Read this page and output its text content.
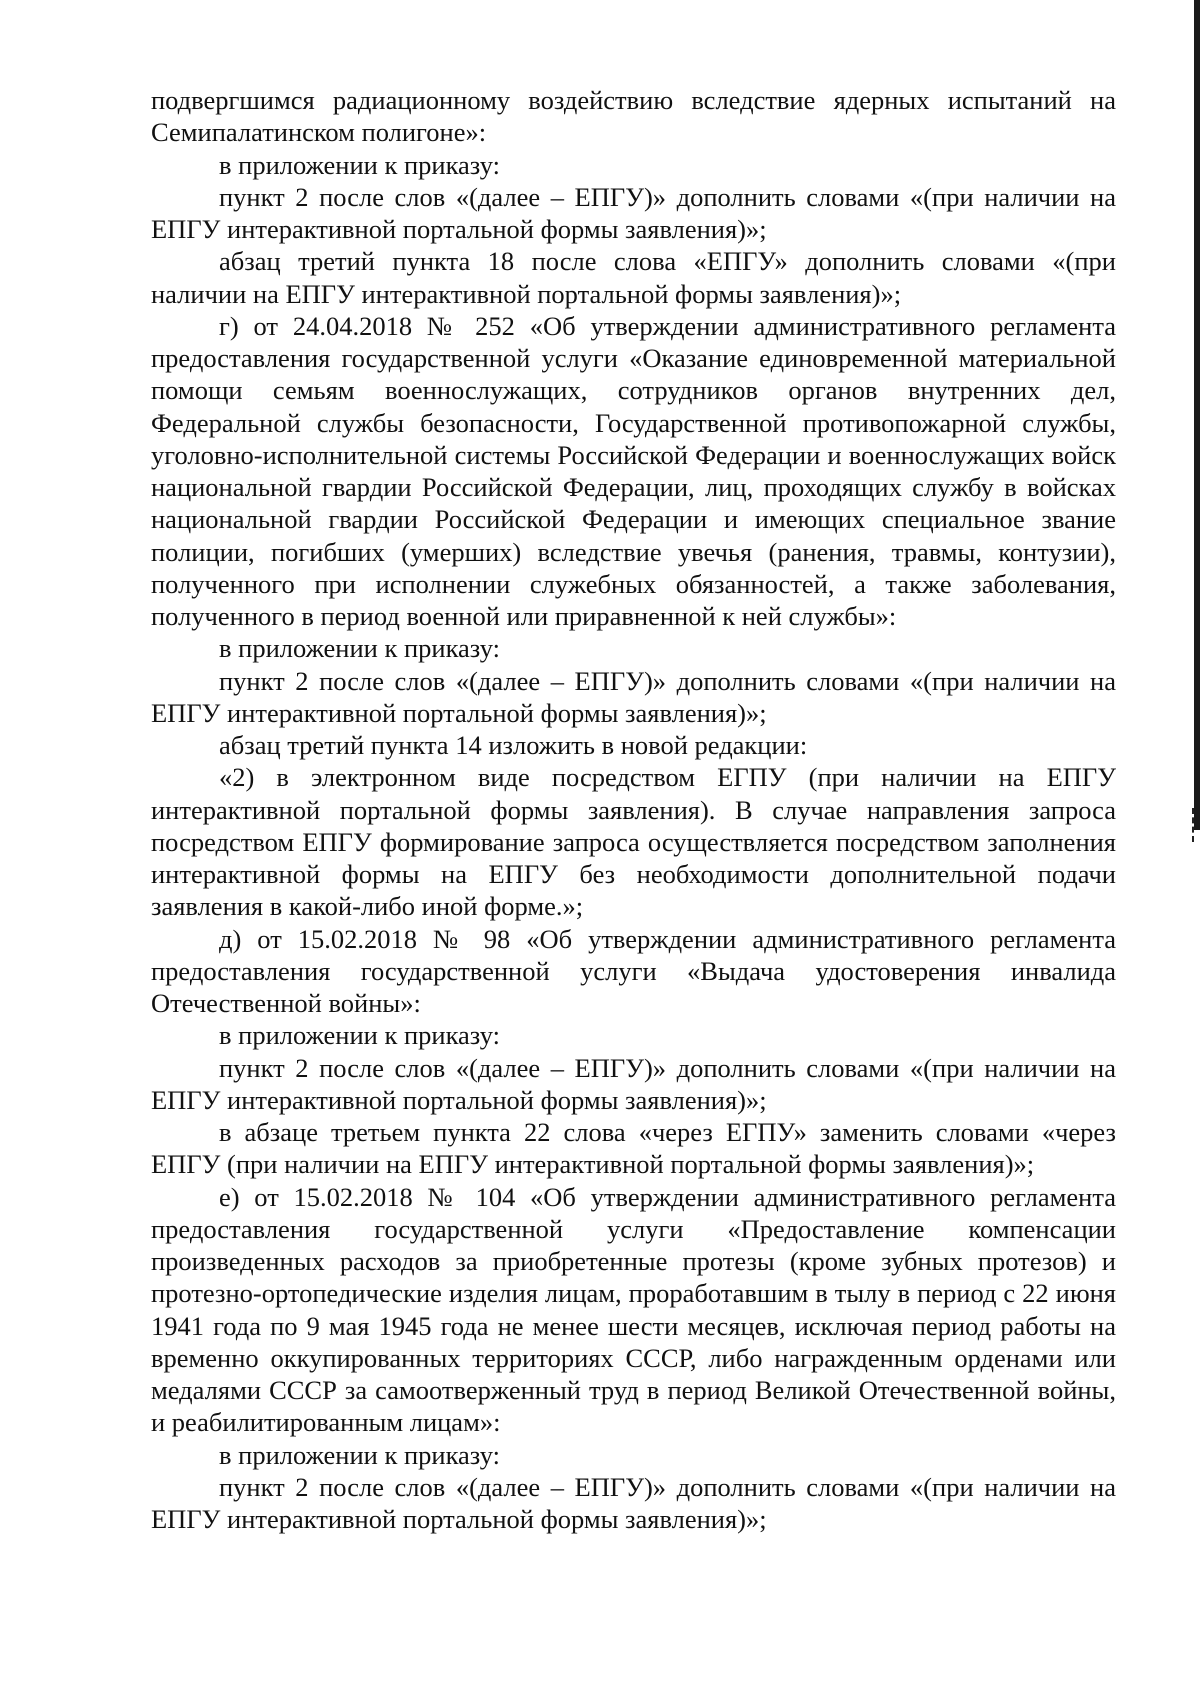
подвергшимся радиационному воздействию вследствие ядерных испытаний на Семипалатинском полигоне»:

в приложении к приказу:

пункт 2 после слов «(далее – ЕПГУ)» дополнить словами «(при наличии на ЕПГУ интерактивной портальной формы заявления)»;

абзац третий пункта 18 после слова «ЕПГУ» дополнить словами «(при наличии на ЕПГУ интерактивной портальной формы заявления)»;

г) от 24.04.2018 № 252 «Об утверждении административного регламента предоставления государственной услуги «Оказание единовременной материальной помощи семьям военнослужащих, сотрудников органов внутренних дел, Федеральной службы безопасности, Государственной противопожарной службы, уголовно-исполнительной системы Российской Федерации и военнослужащих войск национальной гвардии Российской Федерации, лиц, проходящих службу в войсках национальной гвардии Российской Федерации и имеющих специальное звание полиции, погибших (умерших) вследствие увечья (ранения, травмы, контузии), полученного при исполнении служебных обязанностей, а также заболевания, полученного в период военной или приравненной к ней службы»:

в приложении к приказу:

пункт 2 после слов «(далее – ЕПГУ)» дополнить словами «(при наличии на ЕПГУ интерактивной портальной формы заявления)»;

абзац третий пункта 14 изложить в новой редакции:

«2) в электронном виде посредством ЕГПУ (при наличии на ЕПГУ интерактивной портальной формы заявления). В случае направления запроса посредством ЕПГУ формирование запроса осуществляется посредством заполнения интерактивной формы на ЕПГУ без необходимости дополнительной подачи заявления в какой-либо иной форме.»;

д) от 15.02.2018 № 98 «Об утверждении административного регламента предоставления государственной услуги «Выдача удостоверения инвалида Отечественной войны»:

в приложении к приказу:

пункт 2 после слов «(далее – ЕПГУ)» дополнить словами «(при наличии на ЕПГУ интерактивной портальной формы заявления)»;

в абзаце третьем пункта 22 слова «через ЕГПУ» заменить словами «через ЕПГУ (при наличии на ЕПГУ интерактивной портальной формы заявления)»;

е) от 15.02.2018 № 104 «Об утверждении административного регламента предоставления государственной услуги «Предоставление компенсации произведенных расходов за приобретенные протезы (кроме зубных протезов) и протезно-ортопедические изделия лицам, проработавшим в тылу в период с 22 июня 1941 года по 9 мая 1945 года не менее шести месяцев, исключая период работы на временно оккупированных территориях СССР, либо награжденным орденами или медалями СССР за самоотверженный труд в период Великой Отечественной войны, и реабилитированным лицам»:

в приложении к приказу:

пункт 2 после слов «(далее – ЕПГУ)» дополнить словами «(при наличии на ЕПГУ интерактивной портальной формы заявления)»;
